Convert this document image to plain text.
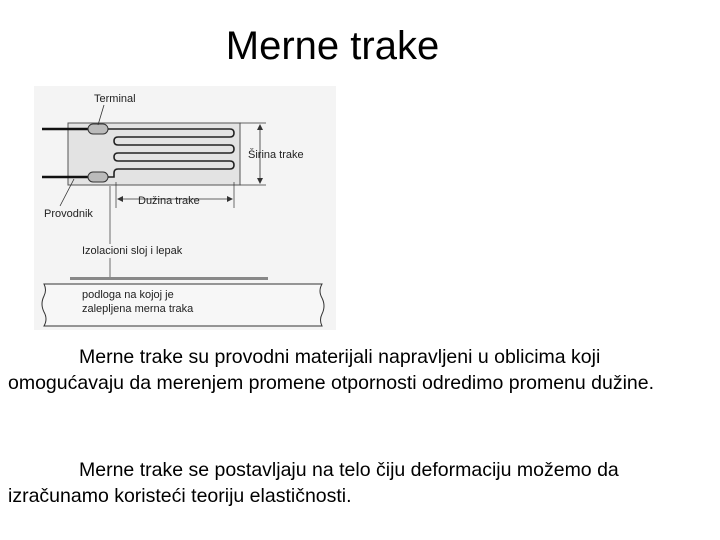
Merne trake
Terminal
Širina trake
Dužina trake
Provodnik
Izolacioni sloj i lepak
podloga na kojoj je
zalepljena merna traka

Merne trake su provodni materijali napravljeni u oblicima koji omogućavaju da merenjem promene otpornosti odredimo promenu dužine.

Merne trake se postavljaju na telo čiju deformaciju možemo da izračunamo koristeći teoriju elastičnosti.
